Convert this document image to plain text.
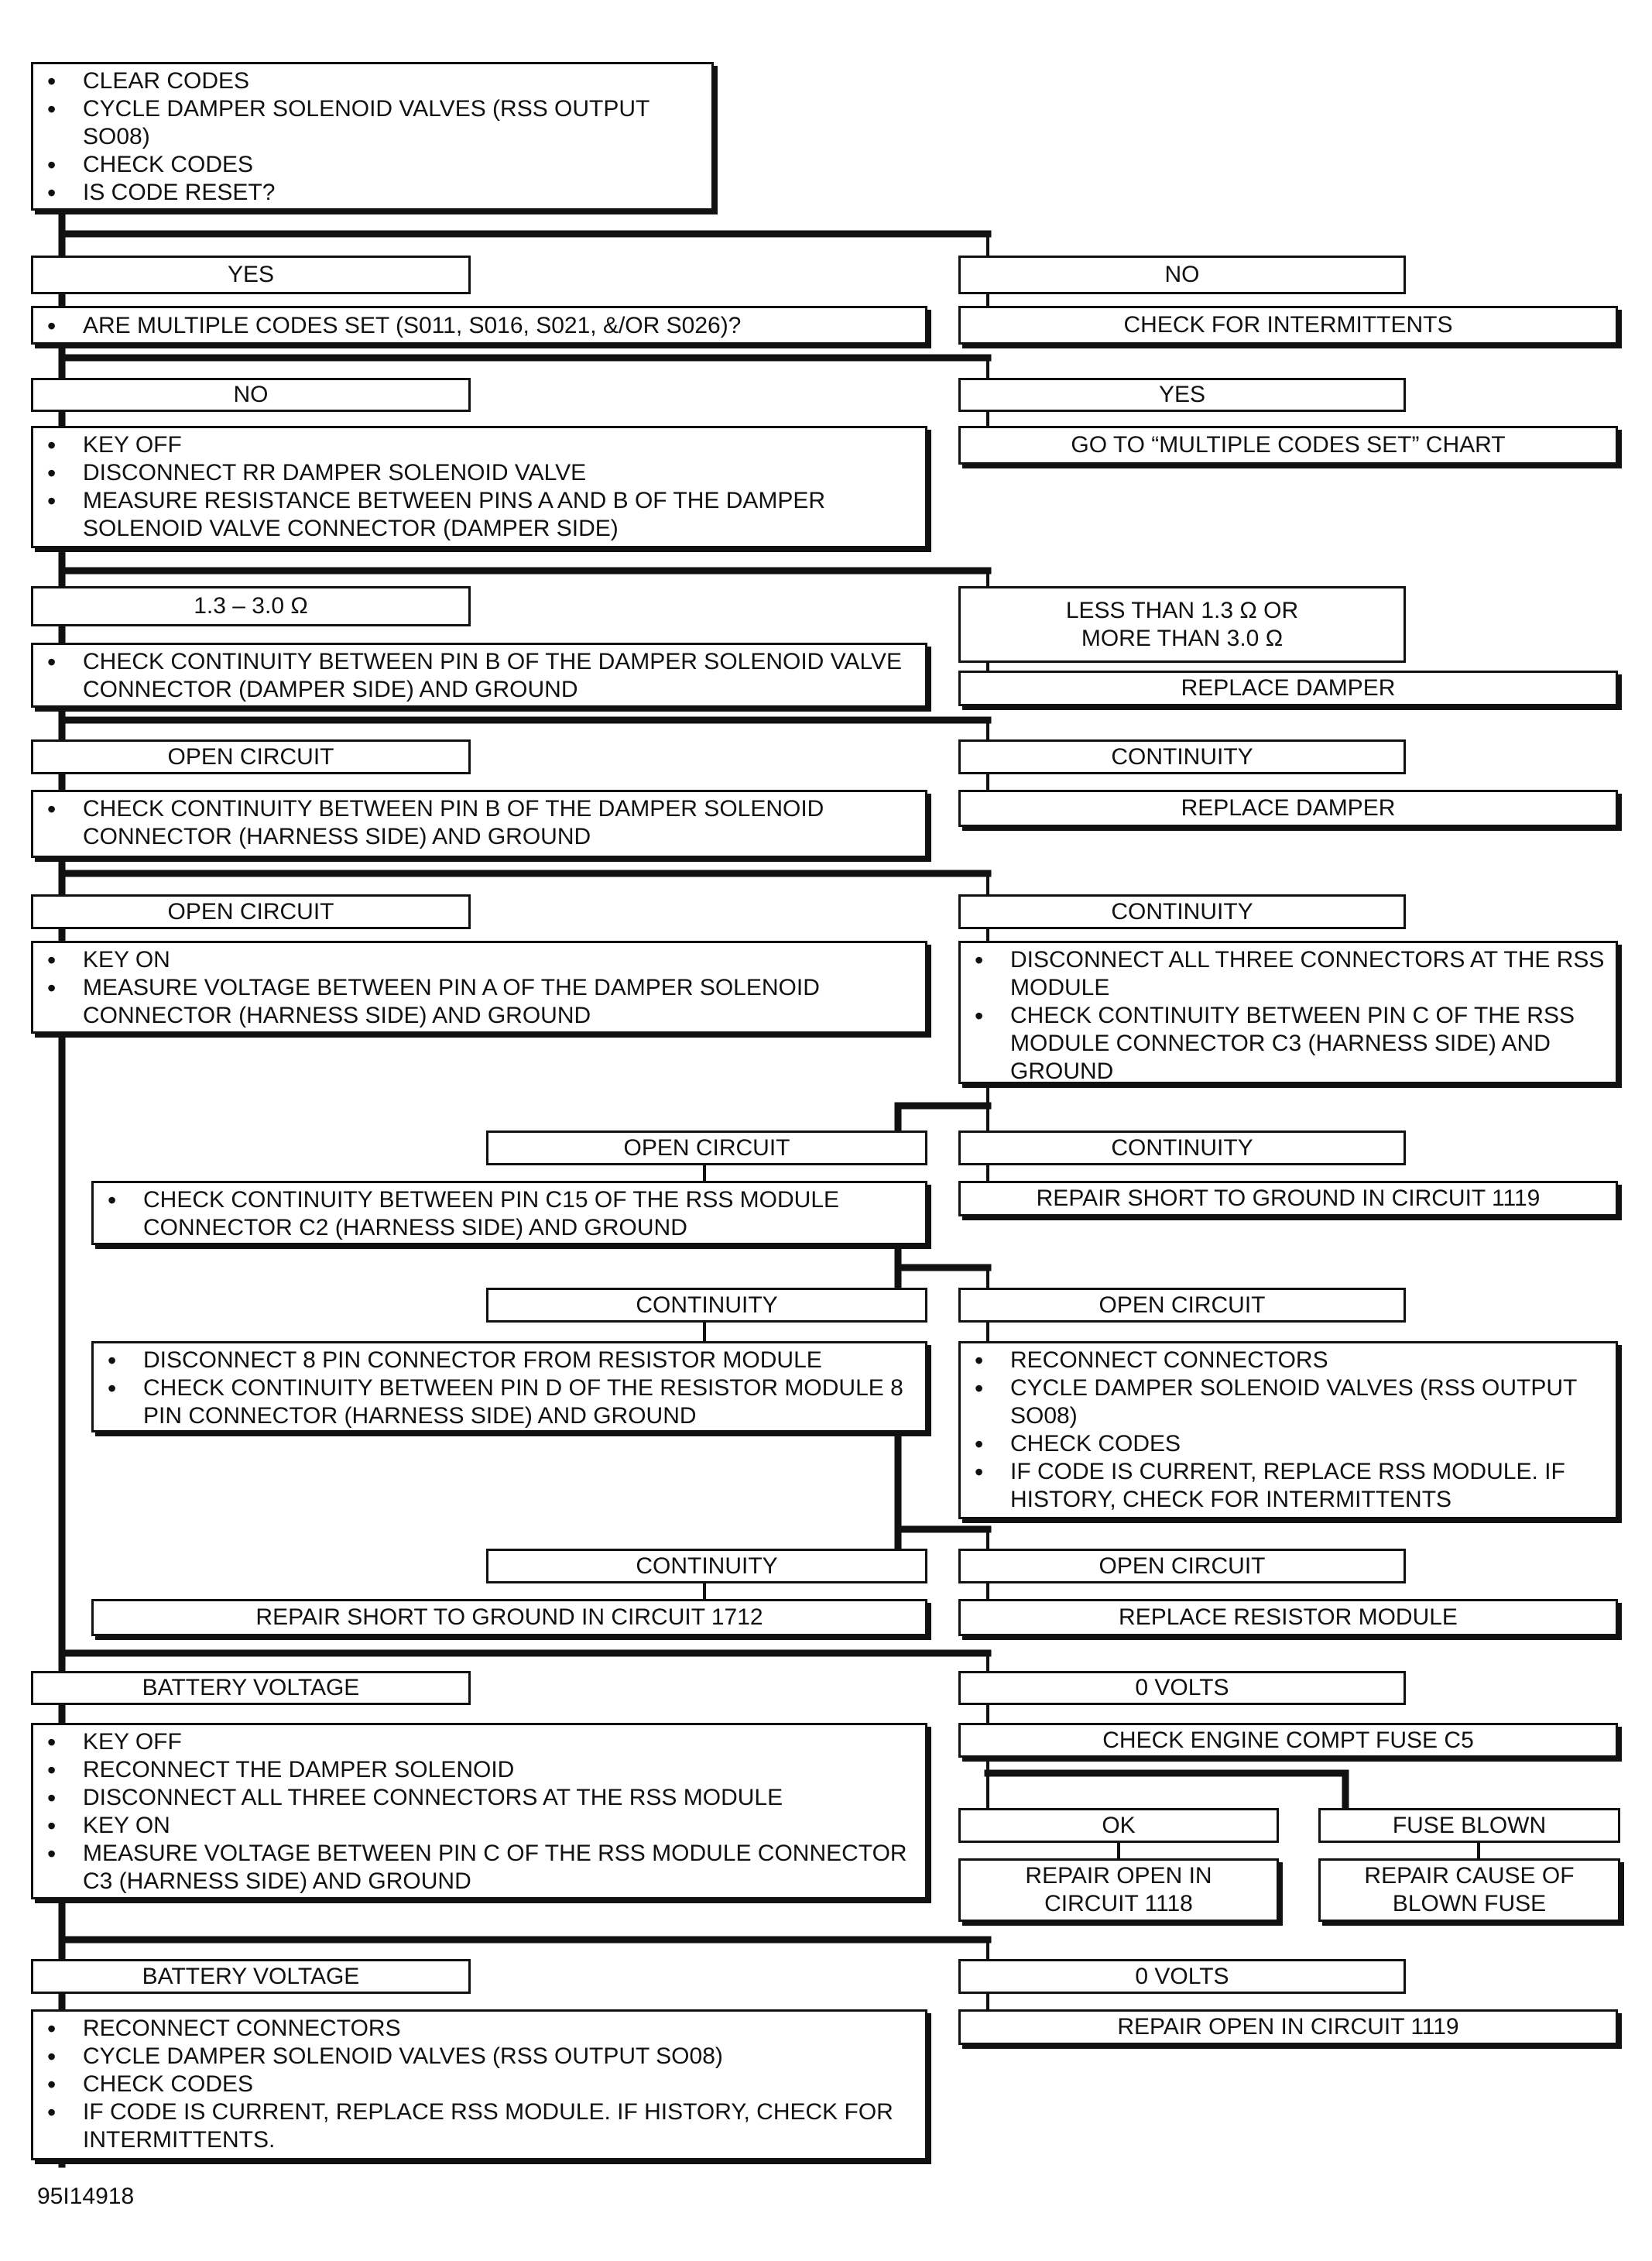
• CLEAR CODES
• CYCLE DAMPER SOLENOID VALVES (RSS OUTPUT SO08)
• CHECK CODES
• IS CODE RESET?
YES	NO
• ARE MULTIPLE CODES SET (S011, S016, S021, &/OR S026)?	CHECK FOR INTERMITTENTS
NO	YES
• KEY OFF
• DISCONNECT RR DAMPER SOLENOID VALVE
• MEASURE RESISTANCE BETWEEN PINS A AND B OF THE DAMPER SOLENOID VALVE CONNECTOR (DAMPER SIDE)
GO TO “MULTIPLE CODES SET” CHART
1.3 – 3.0 Ω	LESS THAN 1.3 Ω OR
MORE THAN 3.0 Ω
• CHECK CONTINUITY BETWEEN PIN B OF THE DAMPER SOLENOID VALVE CONNECTOR (DAMPER SIDE) AND GROUND	REPLACE DAMPER
OPEN CIRCUIT	CONTINUITY
• CHECK CONTINUITY BETWEEN PIN B OF THE DAMPER SOLENOID CONNECTOR (HARNESS SIDE) AND GROUND
REPLACE DAMPER
OPEN CIRCUIT	CONTINUITY
• KEY ON
• MEASURE VOLTAGE BETWEEN PIN A OF THE DAMPER SOLENOID CONNECTOR (HARNESS SIDE) AND GROUND
• DISCONNECT ALL THREE CONNECTORS AT THE RSS MODULE
• CHECK CONTINUITY BETWEEN PIN C OF THE RSS MODULE CONNECTOR C3 (HARNESS SIDE) AND GROUND
OPEN CIRCUIT	CONTINUITY
• CHECK CONTINUITY BETWEEN PIN C15 OF THE RSS MODULE CONNECTOR C2 (HARNESS SIDE) AND GROUND
REPAIR SHORT TO GROUND IN CIRCUIT 1119
CONTINUITY	OPEN CIRCUIT
• DISCONNECT 8 PIN CONNECTOR FROM RESISTOR MODULE
• CHECK CONTINUITY BETWEEN PIN D OF THE RESISTOR MODULE 8 PIN CONNECTOR (HARNESS SIDE) AND GROUND
• RECONNECT CONNECTORS
• CYCLE DAMPER SOLENOID VALVES (RSS OUTPUT SO08)
• CHECK CODES
• IF CODE IS CURRENT, REPLACE RSS MODULE. IF HISTORY, CHECK FOR INTERMITTENTS
CONTINUITY	OPEN CIRCUIT
REPAIR SHORT TO GROUND IN CIRCUIT 1712	REPLACE RESISTOR MODULE
BATTERY VOLTAGE	0 VOLTS
• KEY OFF
• RECONNECT THE DAMPER SOLENOID
• DISCONNECT ALL THREE CONNECTORS AT THE RSS MODULE
• KEY ON
• MEASURE VOLTAGE BETWEEN PIN C OF THE RSS MODULE CONNECTOR C3 (HARNESS SIDE) AND GROUND
CHECK ENGINE COMPT FUSE C5
OK	FUSE BLOWN
REPAIR OPEN IN
CIRCUIT 1118
REPAIR CAUSE OF
BLOWN FUSE
BATTERY VOLTAGE	0 VOLTS
• RECONNECT CONNECTORS
• CYCLE DAMPER SOLENOID VALVES (RSS OUTPUT SO08)
• CHECK CODES
• IF CODE IS CURRENT, REPLACE RSS MODULE. IF HISTORY, CHECK FOR INTERMITTENTS.
REPAIR OPEN IN CIRCUIT 1119
95I14918
